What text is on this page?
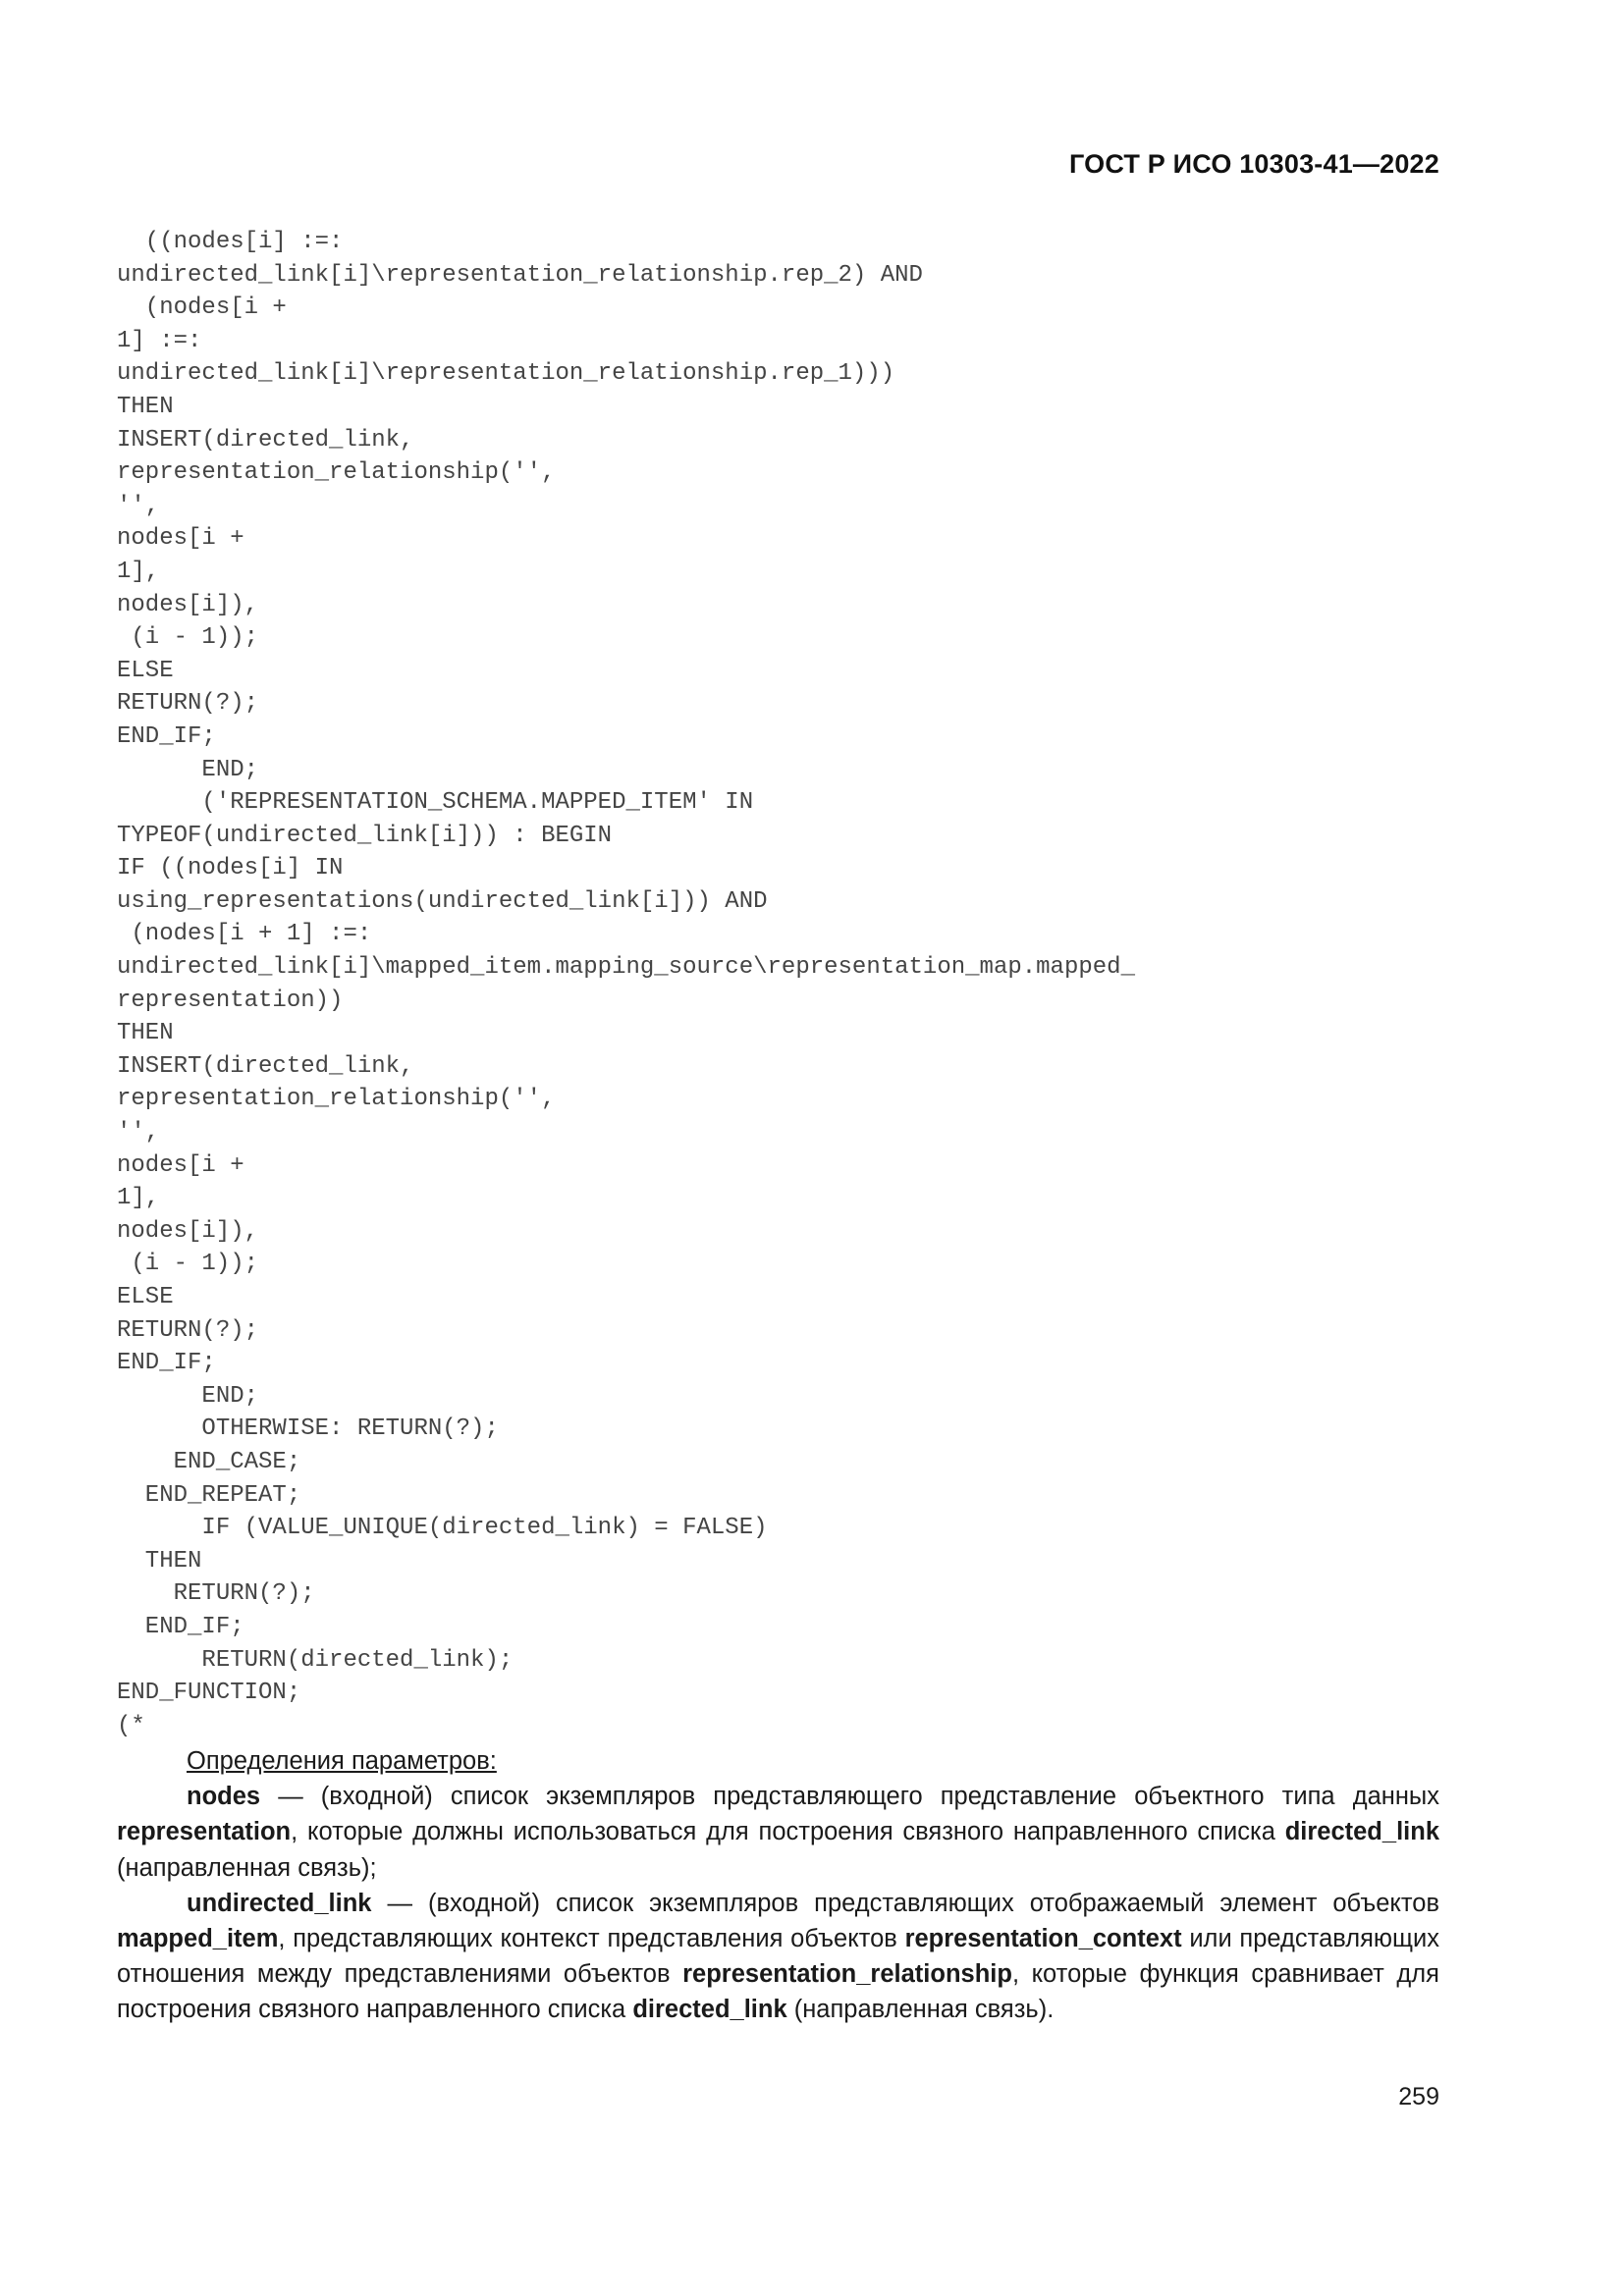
ГОСТ Р ИСО 10303-41—2022
((nodes[i] :=:
undirected_link[i]\representation_relationship.rep_2) AND
(nodes[i +
1] :=:
undirected_link[i]\representation_relationship.rep_1)))
THEN
INSERT(directed_link,
representation_relationship('',
'',
nodes[i +
1],
nodes[i]),
(i - 1));
ELSE
RETURN(?);
END_IF;
END;
('REPRESENTATION_SCHEMA.MAPPED_ITEM' IN
TYPEOF(undirected_link[i])) : BEGIN
IF ((nodes[i] IN
using_representations(undirected_link[i])) AND
(nodes[i + 1] :=:
undirected_link[i]\mapped_item.mapping_source\representation_map.mapped_
representation))
THEN
INSERT(directed_link,
representation_relationship('',
'',
nodes[i +
1],
nodes[i]),
(i - 1));
ELSE
RETURN(?);
END_IF;
END;
OTHERWISE: RETURN(?);
END_CASE;
END_REPEAT;
IF (VALUE_UNIQUE(directed_link) = FALSE)
THEN
RETURN(?);
END_IF;
RETURN(directed_link);
END_FUNCTION;
(*

Определения параметров:

nodes — (входной) список экземпляров представляющего представление объектного типа данных representation, которые должны использоваться для построения связного направленного списка directed_link (направленная связь);

undirected_link — (входной) список экземпляров представляющих отображаемый элемент объектов mapped_item, представляющих контекст представления объектов representation_context или представляющих отношения между представлениями объектов representation_relationship, которые функция сравнивает для построения связного направленного списка directed_link (направленная связь).

259
